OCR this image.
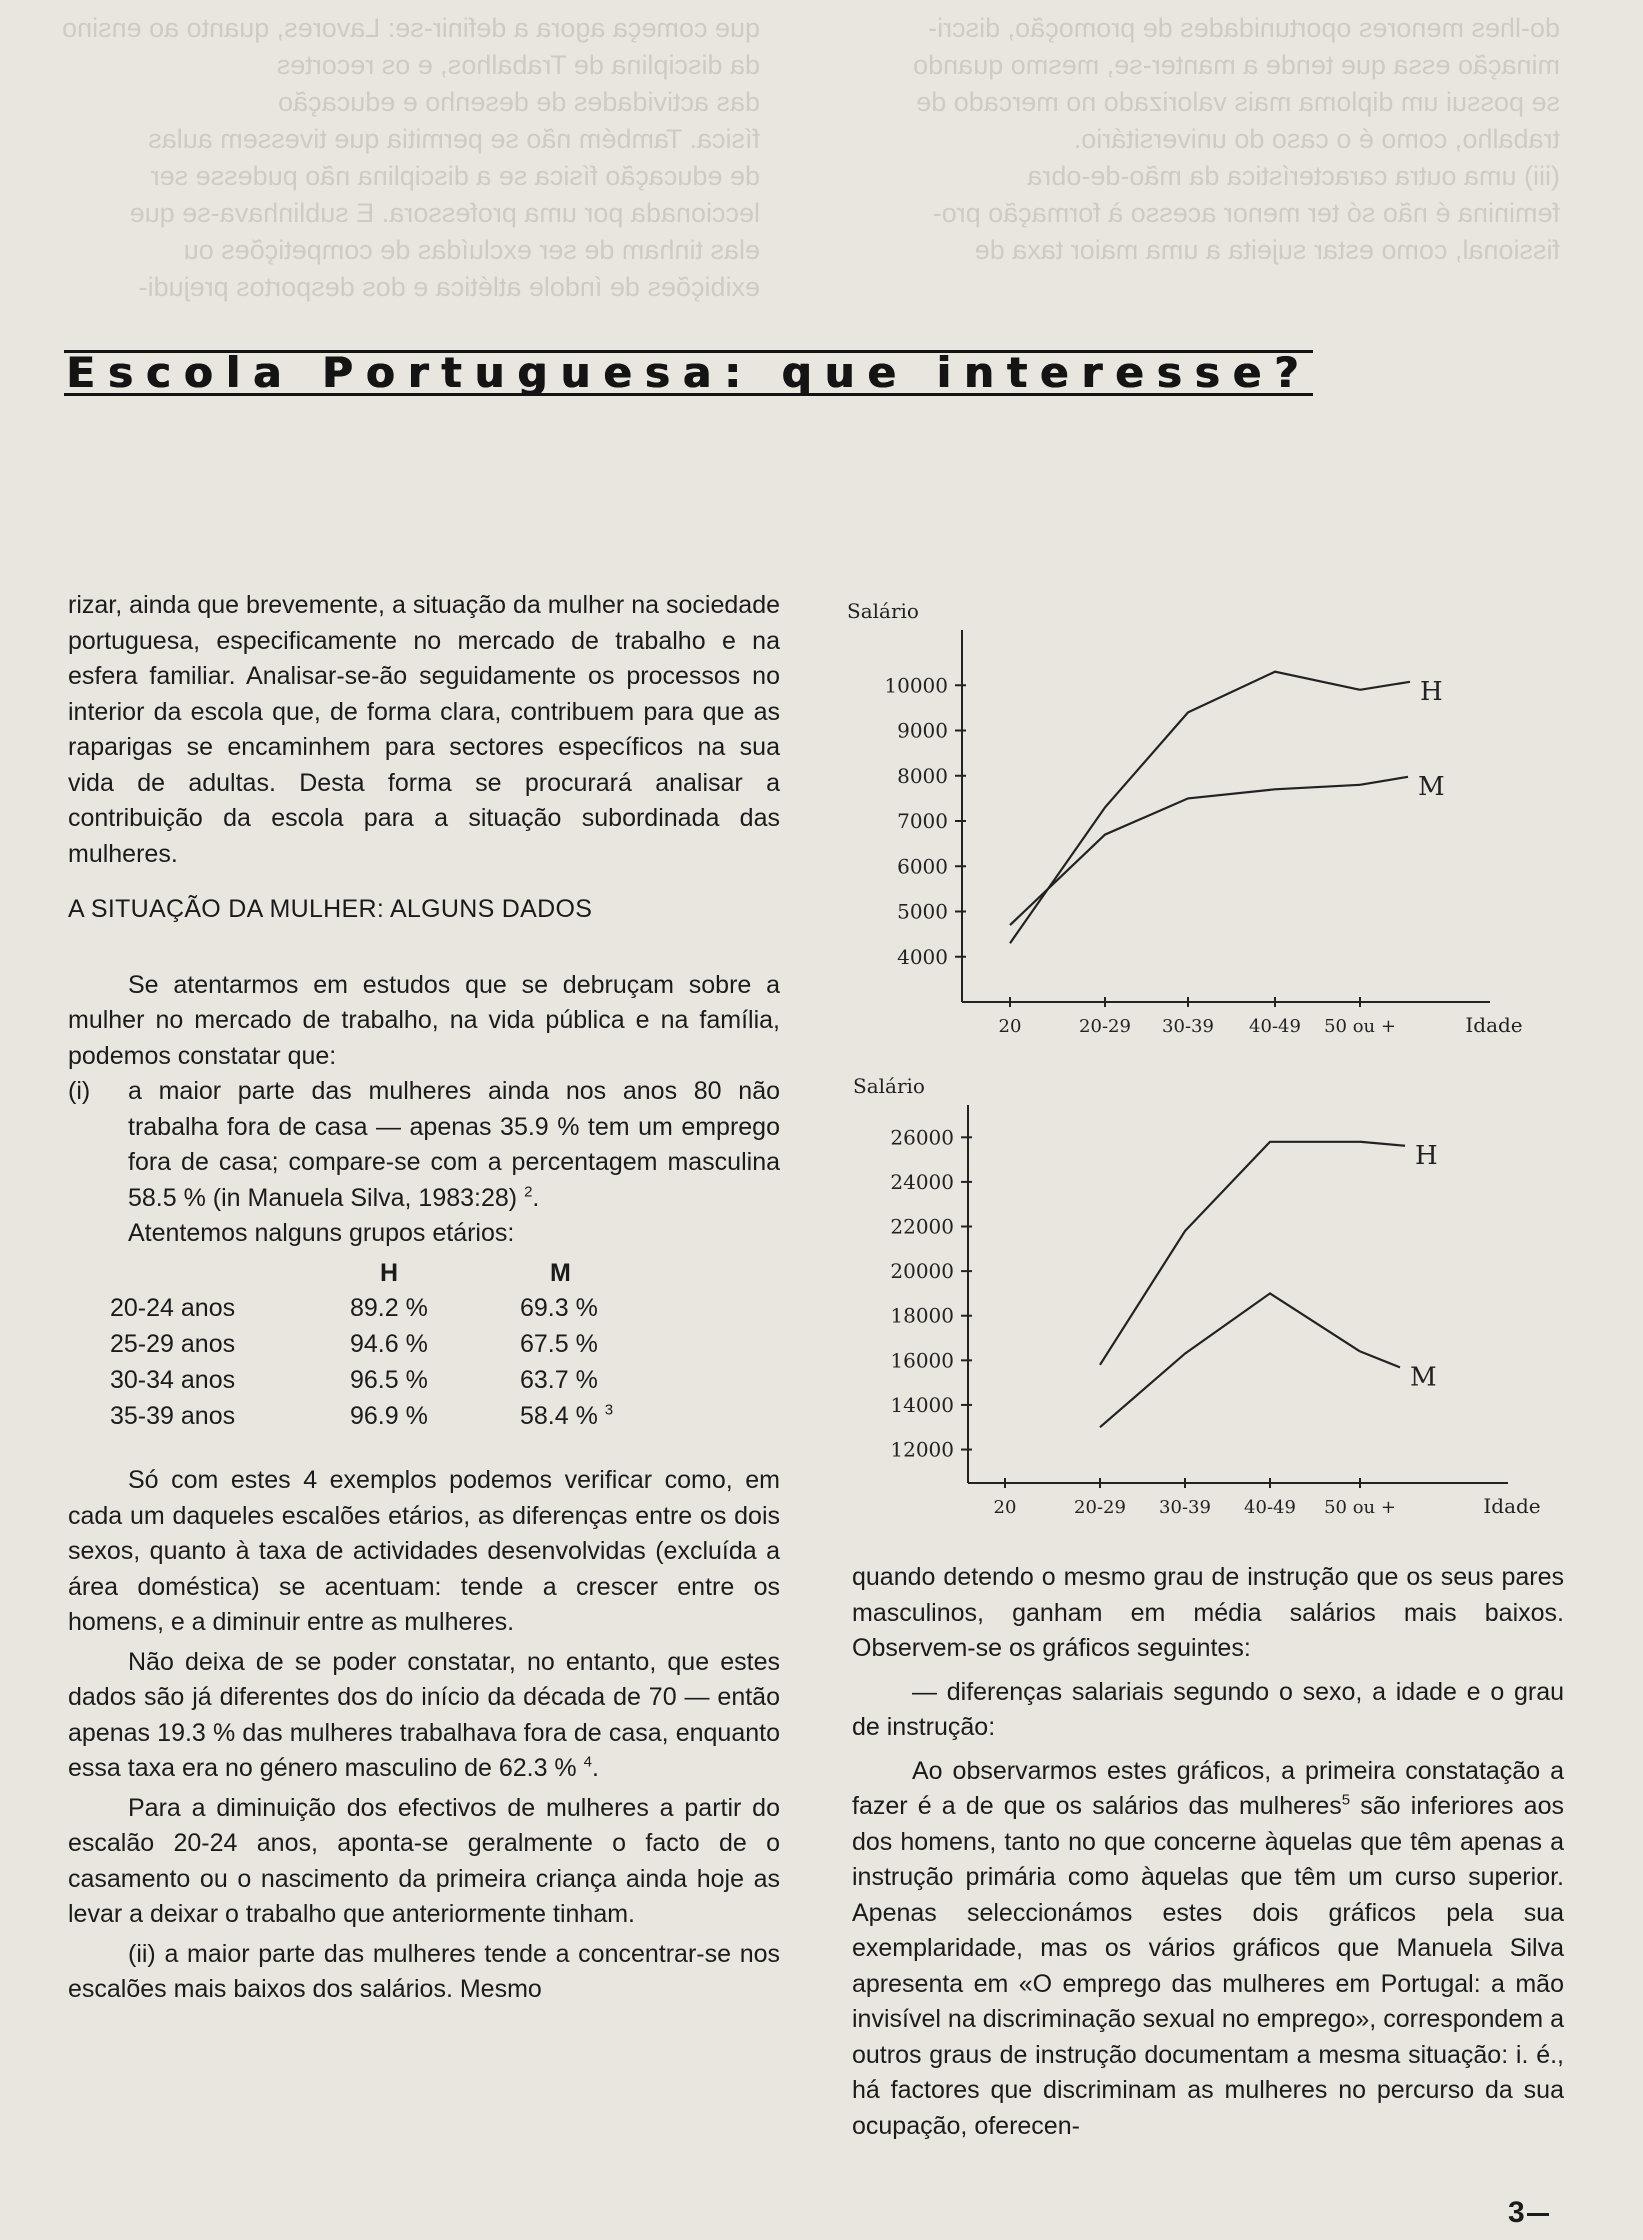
que começa agora a definir-se: Lavores, quanto ao ensino
da disciplina de Trabalhos, e os recortes
das actividades de desenho e educação
física. Também não se permitia que tivessem aulas
de educação física se a disciplina não pudesse ser
leccionada por uma professora. E sublinhava-se que
elas tinham de ser excluídas de competições ou
exibições de índole atlética e dos desportos prejudi-
do-lhes menores oportunidades de promoção, discri-
minação essa que tende a manter-se, mesmo quando
se possui um diploma mais valorizado no mercado de
trabalho, como é o caso do universitário.
(iii) uma outra característica da mão-de-obra
feminina é não só ter menor acesso à formação pro-
fissional, como estar sujeita a uma maior taxa de
Escola Portuguesa: que interesse?

rizar, ainda que brevemente, a situação da mulher na sociedade portuguesa, especificamente no mercado de trabalho e na esfera familiar. Analisar-se-ão seguidamente os processos no interior da escola que, de forma clara, contribuem para que as raparigas se encaminhem para sectores específicos na sua vida de adultas. Desta forma se procurará analisar a contribuição da escola para a situação subordinada das mulheres.

A SITUAÇÃO DA MULHER: ALGUNS DADOS

Se atentarmos em estudos que se debruçam sobre a mulher no mercado de trabalho, na vida pública e na família, podemos constatar que:

(i)	a maior parte das mulheres ainda nos anos 80 não trabalha fora de casa — apenas 35.9 % tem um emprego fora de casa; compare-se com a percentagem masculina 58.5 % (in Manuela Silva, 1983:28) $^2$.

Atentemos nalguns grupos etários:

	H	M
20-24 anos	89.2 %	69.3 %
25-29 anos	94.6 %	67.5 %
30-34 anos	96.5 %	63.7 %
35-39 anos	96.9 %	58.4 % $^3$

Só com estes 4 exemplos podemos verificar como, em cada um daqueles escalões etários, as diferenças entre os dois sexos, quanto à taxa de actividades desenvolvidas (excluída a área doméstica) se acentuam: tende a crescer entre os homens, e a diminuir entre as mulheres.

Não deixa de se poder constatar, no entanto, que estes dados são já diferentes dos do início da década de 70 — então apenas 19.3 % das mulheres trabalhava fora de casa, enquanto essa taxa era no género masculino de 62.3 % $^4$.

Para a diminuição dos efectivos de mulheres a partir do escalão 20-24 anos, aponta-se geralmente o facto de o casamento ou o nascimento da primeira criança ainda hoje as levar a deixar o trabalho que anteriormente tinham.

(ii) a maior parte das mulheres tende a concentrar-se nos escalões mais baixos dos salários. Mesmo

Salário
4000
5000
6000
7000
8000
9000
10000
20	20-29 30-39 40-49 50 ou +	Idade
H
M
Salário
12000
14000
16000
18000
20000
22000
24000
26000
20	20-29 30-39 40-49 50 ou +	Idade
H
M

quando detendo o mesmo grau de instrução que os seus pares masculinos, ganham em média salários mais baixos. Observem-se os gráficos seguintes:

— diferenças salariais segundo o sexo, a idade e o grau de instrução:

Ao observarmos estes gráficos, a primeira constatação a fazer é a de que os salários das mulheres$^5$ são inferiores aos dos homens, tanto no que concerne àquelas que têm apenas a instrução primária como àquelas que têm um curso superior. Apenas seleccionámos estes dois gráficos pela sua exemplaridade, mas os vários gráficos que Manuela Silva apresenta em «O emprego das mulheres em Portugal: a mão invisível na discriminação sexual no emprego», correspondem a outros graus de instrução documentam a mesma situação: i. é., há factores que discriminam as mulheres no percurso da sua ocupação, oferecen-

3
